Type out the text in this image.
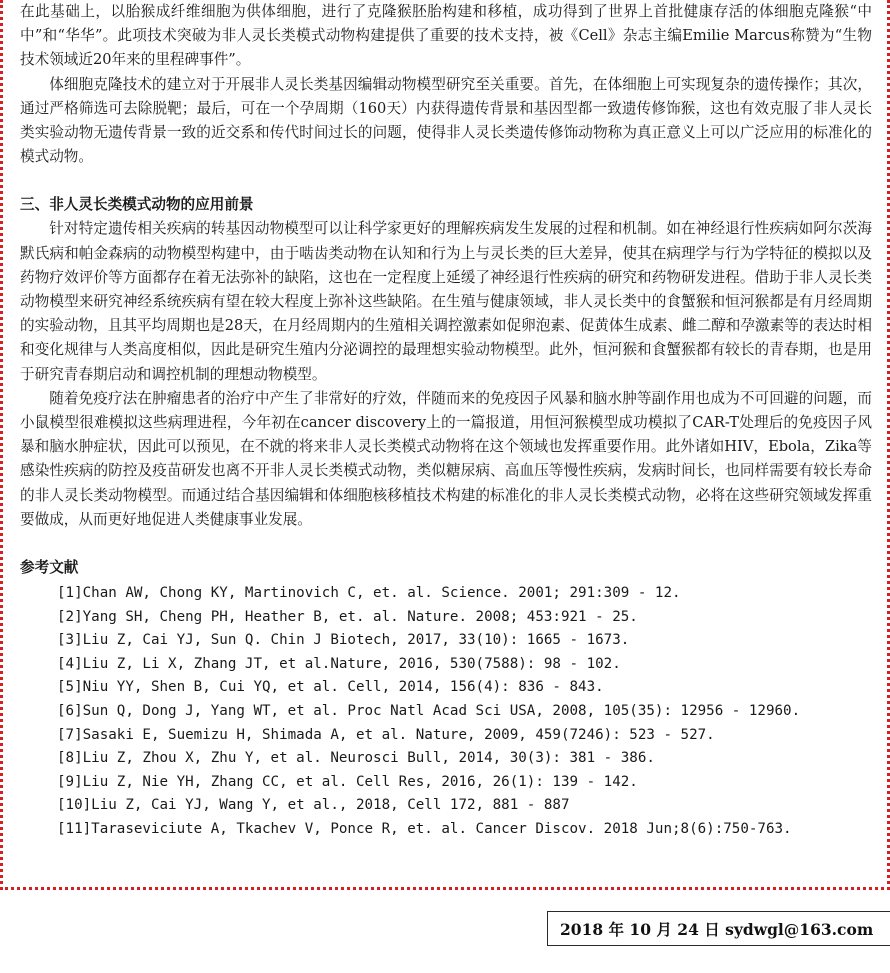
在此基础上，以胎猴成纤维细胞为供体细胞，进行了克隆猴胚胎构建和移植，成功得到了世界上首批健康存活的体细胞克隆猴“中中”和“华华”。此项技术突破为非人灵长类模式动物构建提供了重要的技术支持，被《Cell》杂志主编Emilie Marcus称赞为“生物技术领域近20年来的里程碑事件”。

体细胞克隆技术的建立对于开展非人灵长类基因编辑动物模型研究至关重要。首先，在体细胞上可实现复杂的遗传操作；其次，通过严格筛选可去除脱靶；最后，可在一个孕周期（160天）内获得遗传背景和基因型都一致遗传修饰猴，这也有效克服了非人灵长类实验动物无遗传背景一致的近交系和传代时间过长的问题，使得非人灵长类遗传修饰动物称为真正意义上可以广泛应用的标准化的模式动物。

三、非人灵长类模式动物的应用前景

针对特定遗传相关疾病的转基因动物模型可以让科学家更好的理解疾病发生发展的过程和机制。如在神经退行性疾病如阿尔茨海默氏病和帕金森病的动物模型构建中，由于啮齿类动物在认知和行为上与灵长类的巨大差异，使其在病理学与行为学特征的模拟以及药物疗效评价等方面都存在着无法弥补的缺陷，这也在一定程度上延缓了神经退行性疾病的研究和药物研发进程。借助于非人灵长类动物模型来研究神经系统疾病有望在较大程度上弥补这些缺陷。在生殖与健康领域，非人灵长类中的食蟹猴和恒河猴都是有月经周期的实验动物，且其平均周期也是28天，在月经周期内的生殖相关调控激素如促卵泡素、促黄体生成素、雌二醇和孕激素等的表达时相和变化规律与人类高度相似，因此是研究生殖内分泌调控的最理想实验动物模型。此外，恒河猴和食蟹猴都有较长的青春期，也是用于研究青春期启动和调控机制的理想动物模型。

随着免疫疗法在肿瘤患者的治疗中产生了非常好的疗效，伴随而来的免疫因子风暴和脑水肿等副作用也成为不可回避的问题，而小鼠模型很难模拟这些病理进程，今年初在cancer discovery上的一篇报道，用恒河猴模型成功模拟了CAR-T处理后的免疫因子风暴和脑水肿症状，因此可以预见，在不就的将来非人灵长类模式动物将在这个领域也发挥重要作用。此外诸如HIV，Ebola，Zika等感染性疾病的防控及疫苗研发也离不开非人灵长类模式动物，类似糖尿病、高血压等慢性疾病，发病时间长，也同样需要有较长寿命的非人灵长类动物模型。而通过结合基因编辑和体细胞核移植技术构建的标准化的非人灵长类模式动物，必将在这些研究领域发挥重要做成，从而更好地促进人类健康事业发展。

参考文献
[1]Chan AW, Chong KY, Martinovich C, et. al. Science. 2001; 291:309 - 12.
[2]Yang SH, Cheng PH, Heather B, et. al. Nature. 2008; 453:921 - 25.
[3]Liu Z, Cai YJ, Sun Q. Chin J Biotech, 2017, 33(10): 1665 - 1673.
[4]Liu Z, Li X, Zhang JT, et al.Nature, 2016, 530(7588): 98 - 102.
[5]Niu YY, Shen B, Cui YQ, et al. Cell, 2014, 156(4): 836 - 843.
[6]Sun Q, Dong J, Yang WT, et al. Proc Natl Acad Sci USA, 2008, 105(35): 12956 - 12960.
[7]Sasaki E, Suemizu H, Shimada A, et al. Nature, 2009, 459(7246): 523 - 527.
[8]Liu Z, Zhou X, Zhu Y, et al. Neurosci Bull, 2014, 30(3): 381 - 386.
[9]Liu Z, Nie YH, Zhang CC, et al. Cell Res, 2016, 26(1): 139 - 142.
[10]Liu Z, Cai YJ, Wang Y, et al., 2018, Cell 172, 881 - 887
[11]Taraseviciute A, Tkachev V, Ponce R, et. al. Cancer Discov. 2018 Jun;8(6):750-763.
2018 年 10 月 24 日 sydwgl@163.com
